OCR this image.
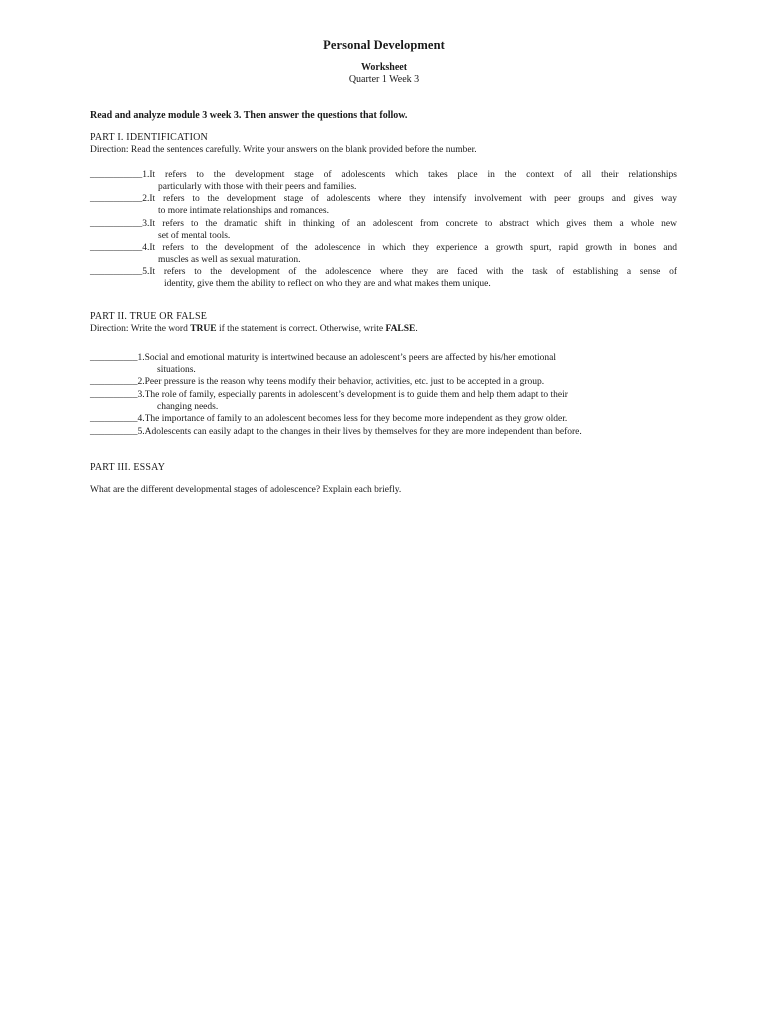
Personal Development
Worksheet
Quarter 1 Week 3
Read and analyze module 3 week 3. Then answer the questions that follow.
PART I. IDENTIFICATION
Direction: Read the sentences carefully. Write your answers on the blank provided before the number.
___________ 1. It refers to the development stage of adolescents which takes place in the context of all their relationships
particularly with those with their peers and families.
___________ 2. It refers to the development stage of adolescents where they intensify involvement with peer groups and gives way
to more intimate relationships and romances.
___________ 3. It refers to the dramatic shift in thinking of an adolescent from concrete to abstract which gives them a whole new
set of mental tools.
___________ 4. It refers to the development of the adolescence in which they experience a growth spurt, rapid growth in bones and
muscles as well as sexual maturation.
___________ 5. It refers to the development of the adolescence where they are faced with the task of establishing a sense of
identity, give them the ability to reflect on who they are and what makes them unique.
PART II. TRUE OR FALSE
Direction: Write the word TRUE if the statement is correct. Otherwise, write FALSE.
__________ 1. Social and emotional maturity is intertwined because an adolescent’s peers are affected by his/her emotional
situations.
__________ 2. Peer pressure is the reason why teens modify their behavior, activities, etc. just to be accepted in a group.
__________ 3. The role of family, especially parents in adolescent’s development is to guide them and help them adapt to their
changing needs.
__________ 4. The importance of family to an adolescent becomes less for they become more independent as they grow older.
__________ 5. Adolescents can easily adapt to the changes in their lives by themselves for they are more independent than before.
PART III. ESSAY
What are the different developmental stages of adolescence? Explain each briefly.
